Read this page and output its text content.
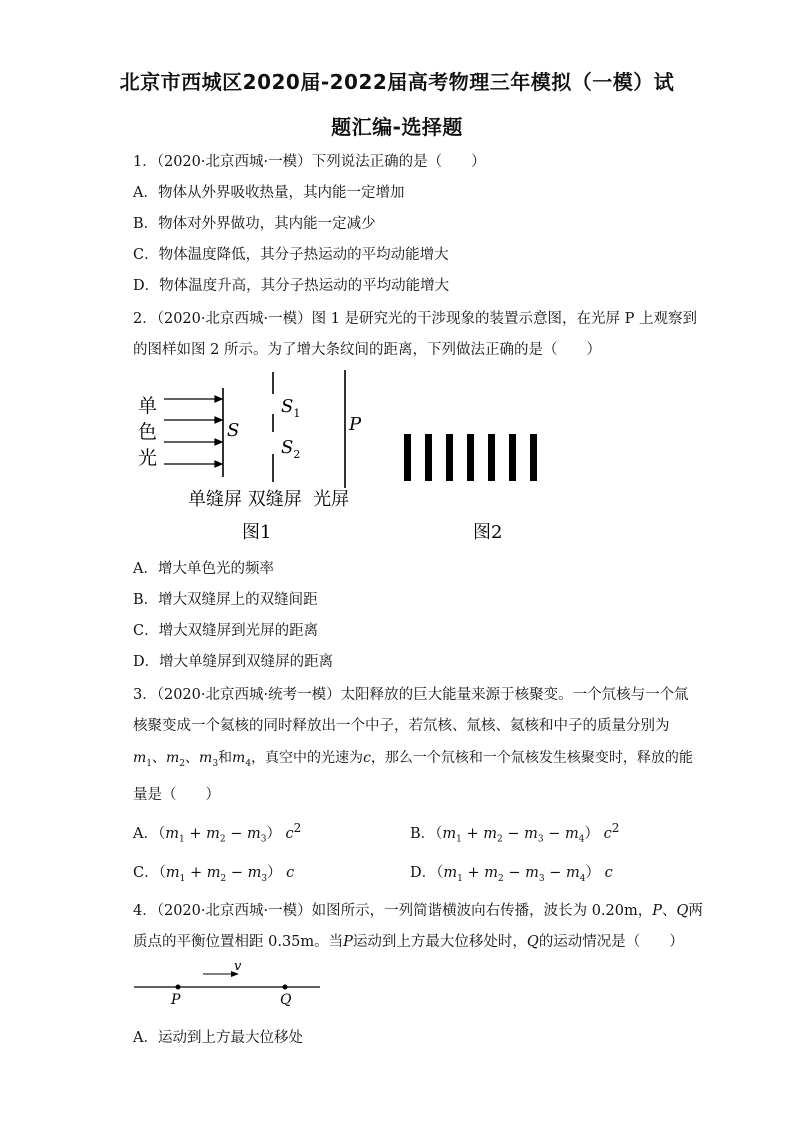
北京市西城区2020届-2022届高考物理三年模拟（一模）试
题汇编-选择题
1．（2020·北京西城·一模）下列说法正确的是（　　）
A．物体从外界吸收热量，其内能一定增加
B．物体对外界做功，其内能一定减少
C．物体温度降低，其分子热运动的平均动能增大
D．物体温度升高，其分子热运动的平均动能增大
2．（2020·北京西城·一模）图 1 是研究光的干涉现象的装置示意图，在光屏 P 上观察到
的图样如图 2 所示。为了增大条纹间的距离，下列做法正确的是（　　）
单
色
光
S
$S_1$
$S_2$
P
单缝屏 双缝屏  光屏
图1	图2
A．增大单色光的频率
B．增大双缝屏上的双缝间距
C．增大双缝屏到光屏的距离
D．增大单缝屏到双缝屏的距离
3．（2020·北京西城·统考一模）太阳释放的巨大能量来源于核聚变。一个氘核与一个氚
核聚变成一个氦核的同时释放出一个中子，若氘核、氚核、氦核和中子的质量分别为
$m_1$、$m_2$、$m_3$和$m_4$，真空中的光速为c，那么一个氘核和一个氚核发生核聚变时，释放的能
量是（　　）
A．$(m_1 + m_2 - m_3)$ $c^2$	B．$(m_1 + m_2 - m_3 - m_4)$ $c^2$
C．$(m_1 + m_2 - m_3)$ c	D．$(m_1 + m_2 - m_3 - m_4)$ c
4．（2020·北京西城·一模）如图所示，一列简谐横波向右传播，波长为 0.20m，P、Q两
质点的平衡位置相距 0.35m。当P运动到上方最大位移处时，Q的运动情况是（　　）
v
P	Q
A．运动到上方最大位移处
